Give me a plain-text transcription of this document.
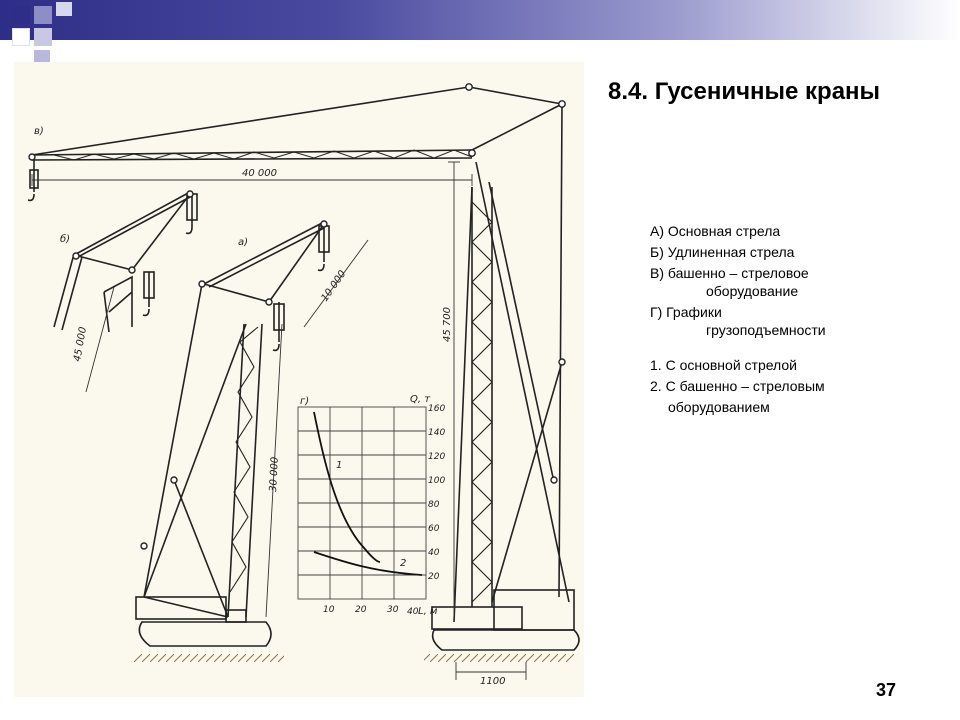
в)
б)	а)
г)
40 000
45 700
45 000
30 000
10 000
1100
Q, т
L, м
160
140
120
100
80
60
40
20
10 20 30 40
1
2
8.4. Гусеничные краны
А) Основная стрела
Б) Удлиненная стрела
В) башенно – стреловое
оборудование
Г) Графики
грузоподъемности
1. С основной стрелой
2. С башенно – стреловым
оборудованием
37
